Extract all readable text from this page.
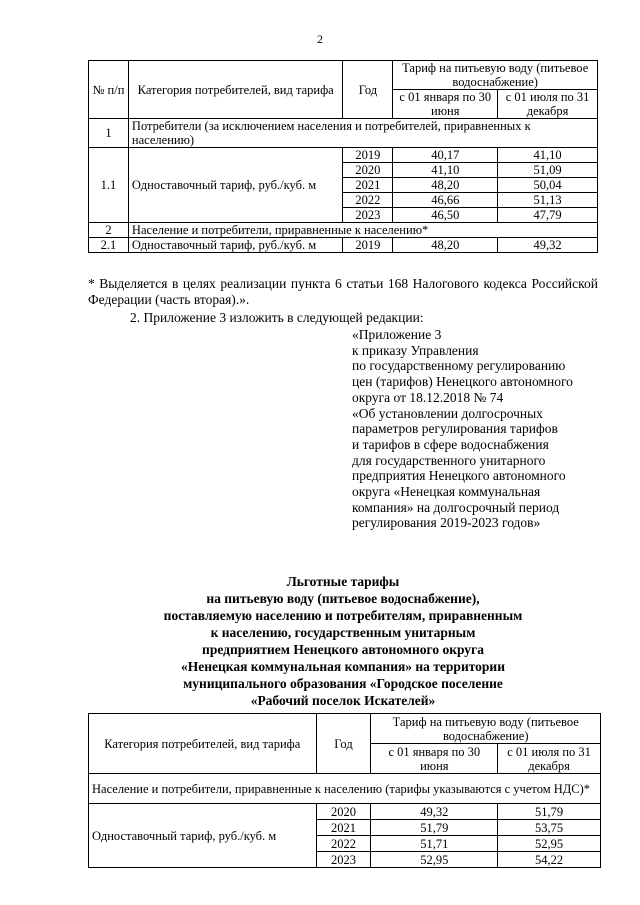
2
№ п/п	Категория потребителей, вид тарифа	Год	Тариф на питьевую воду (питьевое водоснабжение)	
			с 01 января по 30 июня	с 01 июля по 31 декабря
1	Потребители (за исключением населения и потребителей, приравненных к населению)			
1.1	Одноставочный тариф, руб./куб. м	2019	40,17	41,10
		2020	41,10	51,09
		2021	48,20	50,04
		2022	46,66	51,13
		2023	46,50	47,79
2	Население и потребители, приравненные к населению*			
2.1	Одноставочный тариф, руб./куб. м	2019	48,20	49,32
* Выделяется в целях реализации пункта 6 статьи 168 Налогового кодекса Российской Федерации (часть вторая).».
2. Приложение 3 изложить в следующей редакции:
«Приложение 3
к приказу Управления
по государственному регулированию
цен (тарифов) Ненецкого автономного
округа от 18.12.2018 № 74
«Об установлении долгосрочных
параметров регулирования тарифов
и тарифов в сфере водоснабжения
для государственного унитарного
предприятия Ненецкого автономного
округа «Ненецкая коммунальная
компания» на долгосрочный период
регулирования 2019-2023 годов»
Льготные тарифы
на питьевую воду (питьевое водоснабжение),
поставляемую населению и потребителям, приравненным
к населению, государственным унитарным
предприятием Ненецкого автономного округа
«Ненецкая коммунальная компания» на территории
муниципального образования «Городское поселение
«Рабочий поселок Искателей»
Категория потребителей, вид тарифа	Год	Тариф на питьевую воду (питьевое водоснабжение)	
		с 01 января по 30 июня	с 01 июля по 31 декабря
Население и потребители, приравненные к населению (тарифы указываются с учетом НДС)*			
Одноставочный тариф, руб./куб. м	2020	49,32	51,79
	2021	51,79	53,75
	2022	51,71	52,95
	2023	52,95	54,22
